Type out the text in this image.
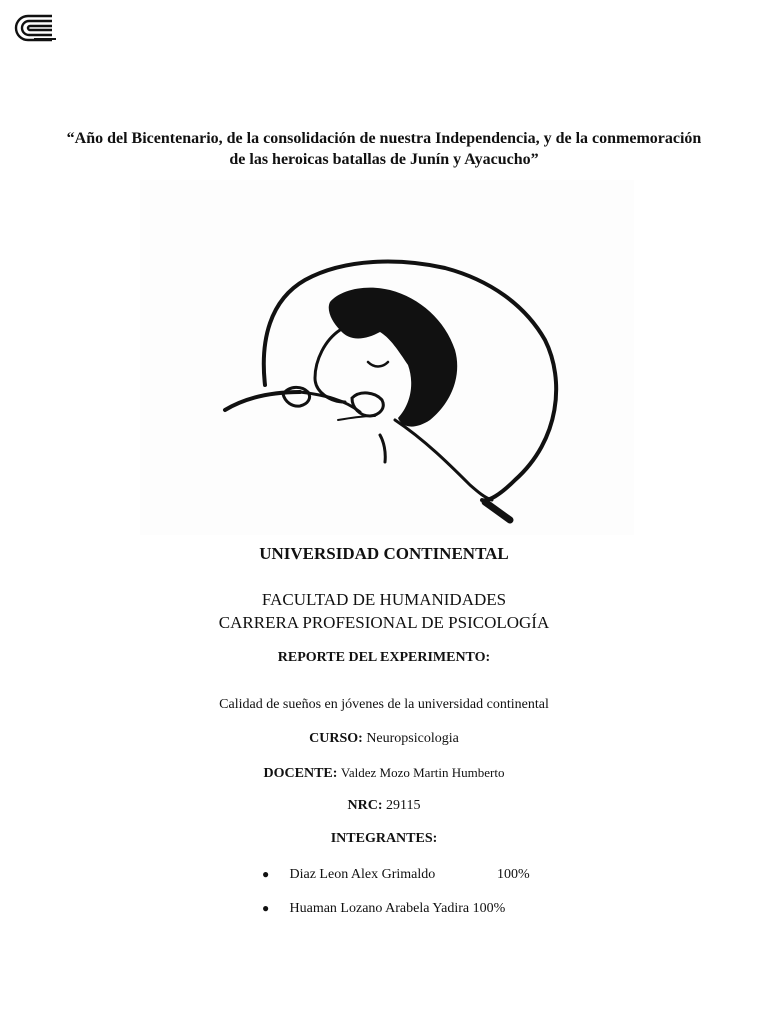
“Año del Bicentenario, de la consolidación de nuestra Independencia, y de la conmemoración de las heroicas batallas de Junín y Ayacucho”
UNIVERSIDAD CONTINENTAL
FACULTAD DE HUMANIDADES
CARRERA PROFESIONAL DE PSICOLOGÍA
REPORTE DEL EXPERIMENTO:
Calidad de sueños en jóvenes de la universidad continental
CURSO: Neuropsicologia
DOCENTE: Valdez Mozo Martin Humberto
NRC: 29115
INTEGRANTES:
● Diaz Leon Alex Grimaldo	100%
● Huaman Lozano Arabela Yadira 100%
